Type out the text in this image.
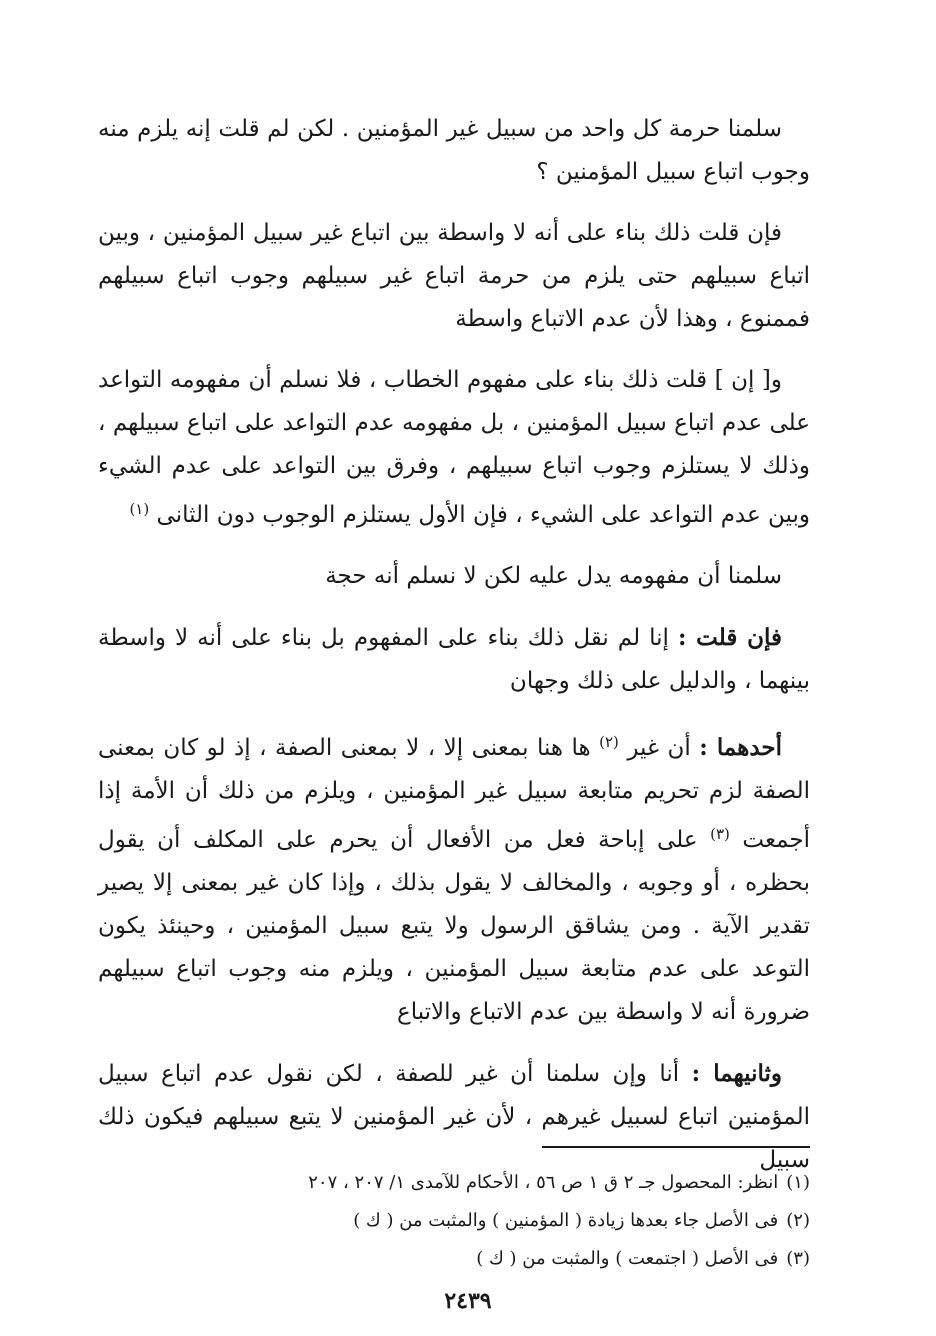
سلمنا حرمة كل واحد من سبيل غير المؤمنين . لكن لم قلت إنه يلزم منه وجوب اتباع سبيل المؤمنين ؟

فإن قلت ذلك بناء على أنه لا واسطة بين اتباع غير سبيل المؤمنين ، وبين اتباع سبيلهم حتى يلزم من حرمة اتباع غير سبيلهم وجوب اتباع سبيلهم فممنوع ، وهذا لأن عدم الاتباع واسطة

و[ إن ] قلت ذلك بناء على مفهوم الخطاب ، فلا نسلم أن مفهومه التواعد على عدم اتباع سبيل المؤمنين ، بل مفهومه عدم التواعد على اتباع سبيلهم ، وذلك لا يستلزم وجوب اتباع سبيلهم ، وفرق بين التواعد على عدم الشيء وبين عدم التواعد على الشيء ، فإن الأول يستلزم الوجوب دون الثانى $^{(١)}$

سلمنا أن مفهومه يدل عليه لكن لا نسلم أنه حجة

فإن قلت : إنا لم نقل ذلك بناء على المفهوم بل بناء على أنه لا واسطة بينهما ، والدليل على ذلك وجهان

أحدهما : أن غير $^{(٢)}$ ها هنا بمعنى إلا ، لا بمعنى الصفة ، إذ لو كان بمعنى الصفة لزم تحريم متابعة سبيل غير المؤمنين ، ويلزم من ذلك أن الأمة إذا أجمعت $^{(٣)}$ على إباحة فعل من الأفعال أن يحرم على المكلف أن يقول بحظره ، أو وجوبه ، والمخالف لا يقول بذلك ، وإذا كان غير بمعنى إلا يصير تقدير الآية . ومن يشاقق الرسول ولا يتبع سبيل المؤمنين ، وحينئذ يكون التوعد على عدم متابعة سبيل المؤمنين ، ويلزم منه وجوب اتباع سبيلهم ضرورة أنه لا واسطة بين عدم الاتباع والاتباع

وثانيهما : أنا وإن سلمنا أن غير للصفة ، لكن نقول عدم اتباع سبيل المؤمنين اتباع لسبيل غيرهم ، لأن غير المؤمنين لا يتبع سبيلهم فيكون ذلك سبيل

(١)انظر: المحصول جـ ٢ ق ١ ص ٥٦ ، الأحكام للآمدى ١/ ٢٠٧ ، ٢٠٧

(٢)فى الأصل جاء بعدها زيادة ( المؤمنين ) والمثبت من ( ك )

(٣)فى الأصل ( اجتمعت ) والمثبت من ( ك )

٢٤٣٩
